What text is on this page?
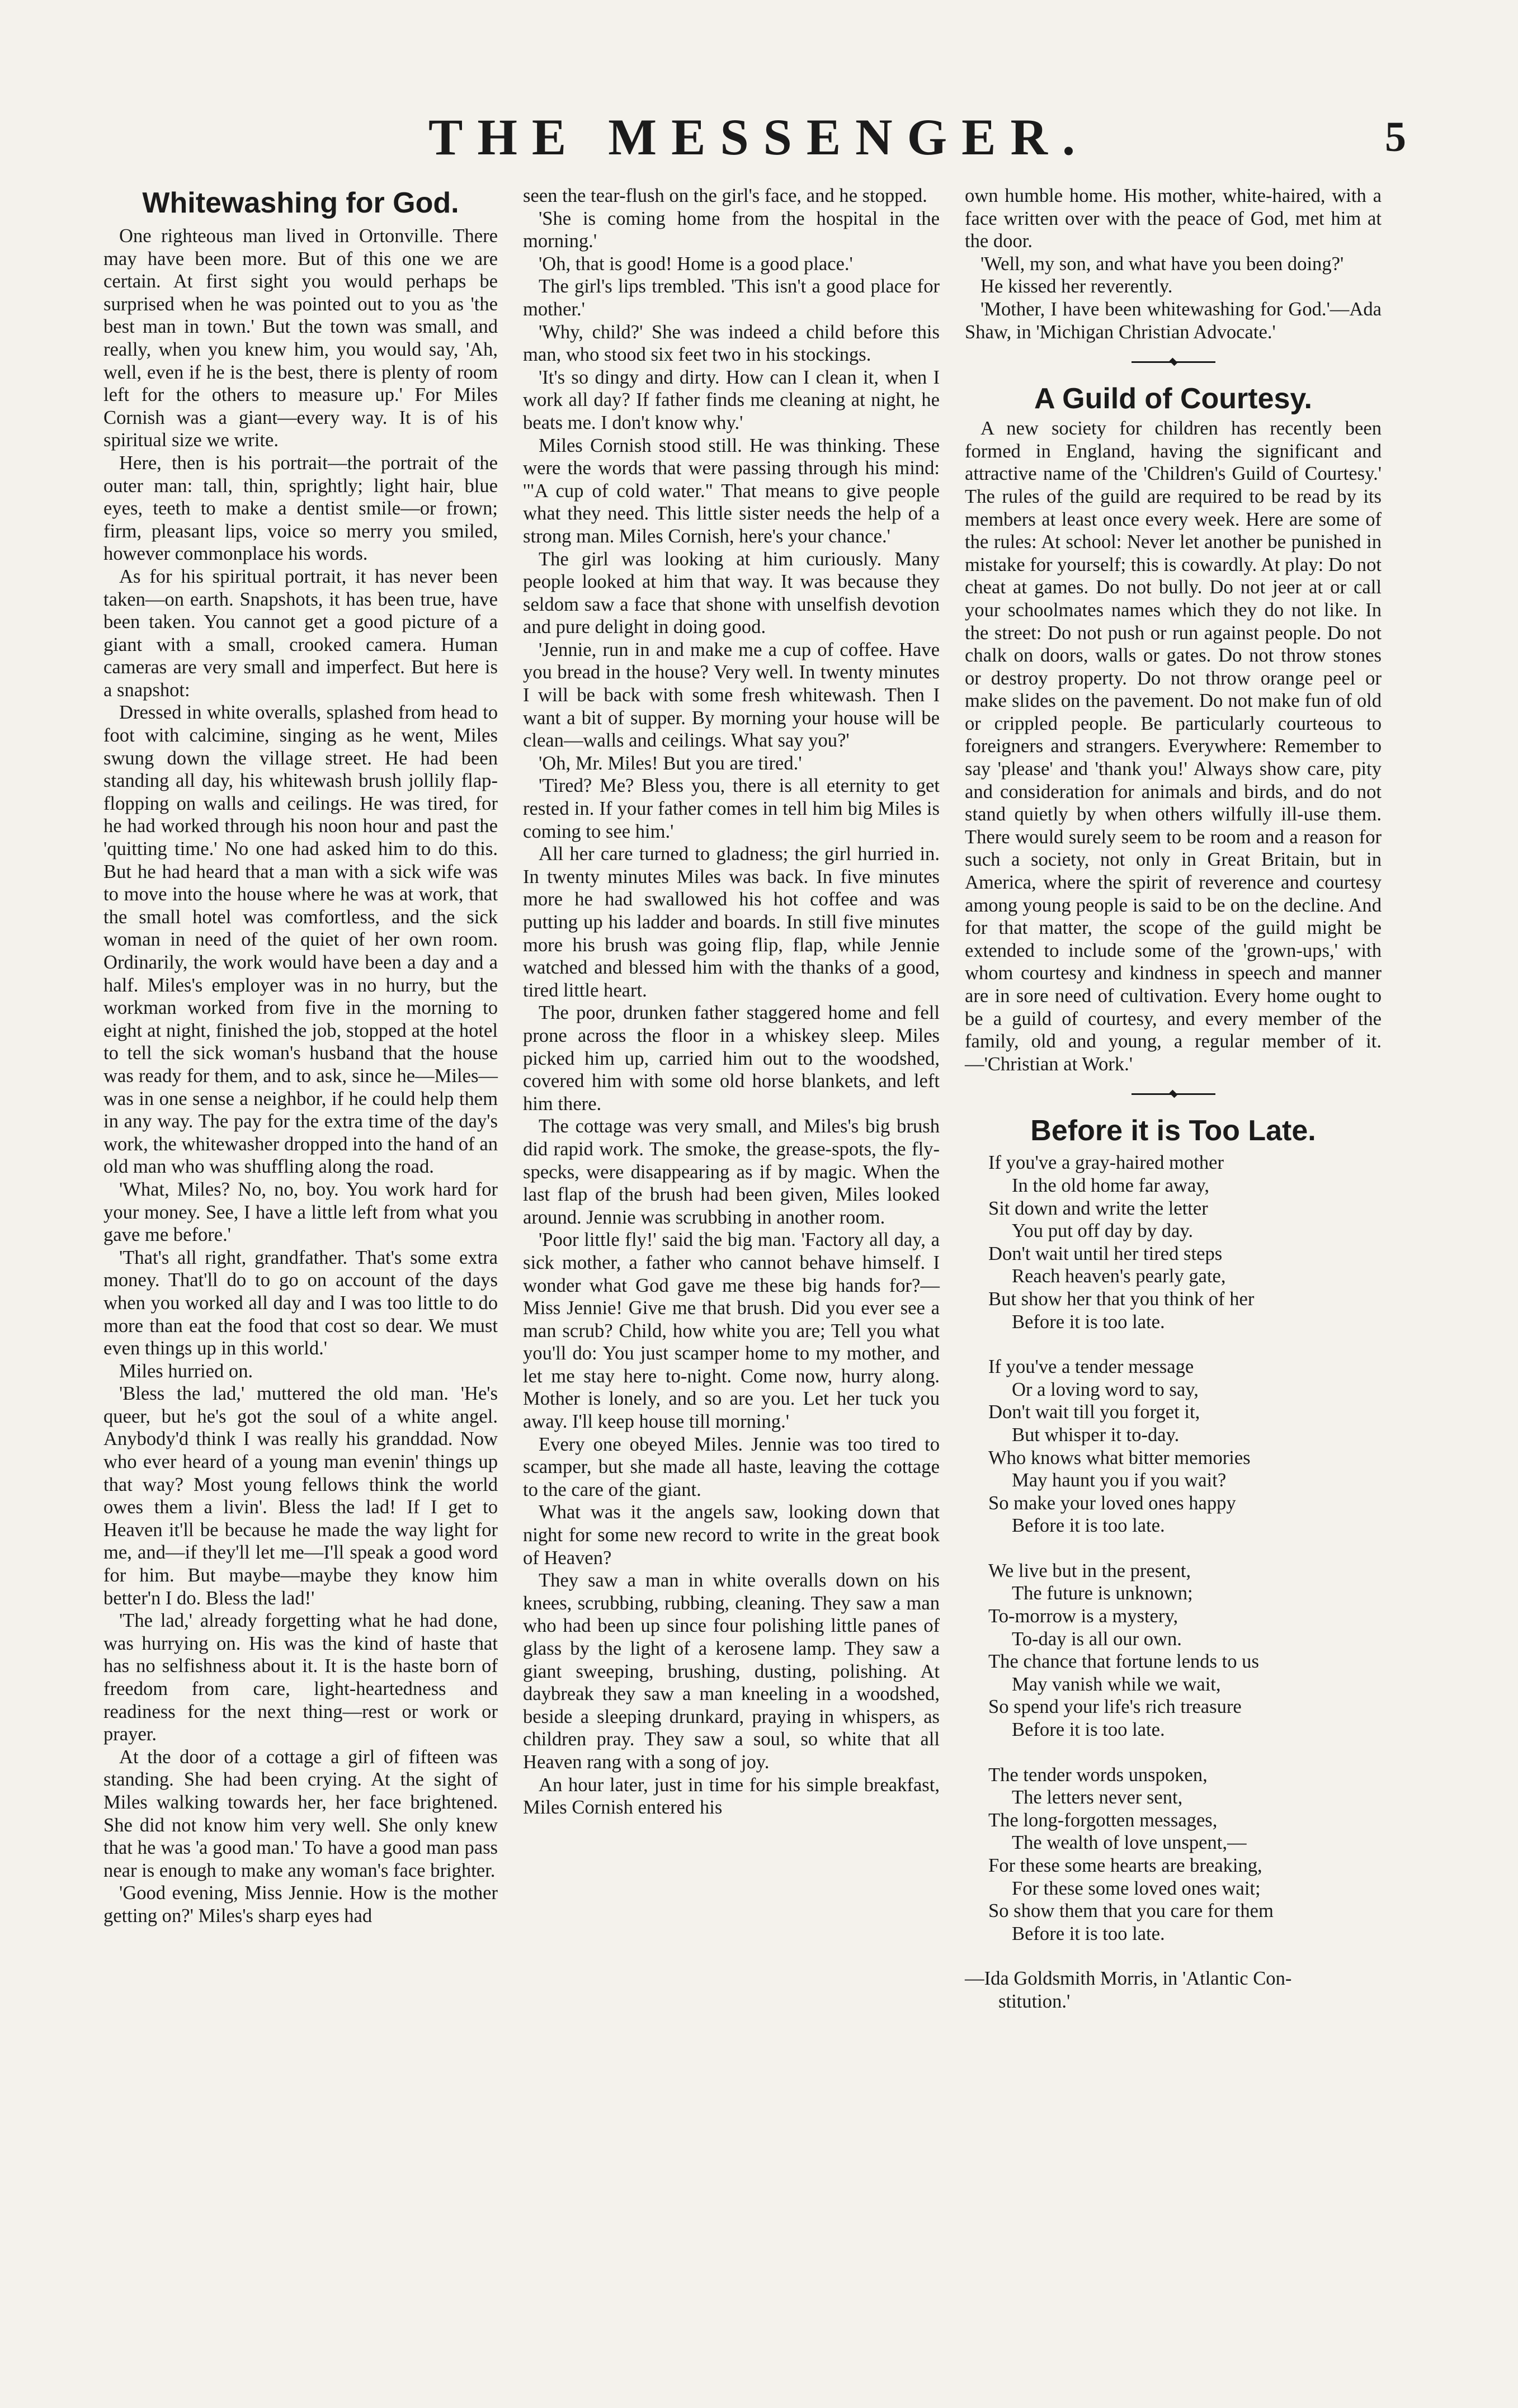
THE MESSENGER.	5
Whitewashing for God.

One righteous man lived in Ortonville. There may have been more. But of this one we are certain. At first sight you would perhaps be surprised when he was pointed out to you as 'the best man in town.' But the town was small, and really, when you knew him, you would say, 'Ah, well, even if he is the best, there is plenty of room left for the others to measure up.' For Miles Cornish was a giant—every way. It is of his spiritual size we write.

Here, then is his portrait—the portrait of the outer man: tall, thin, sprightly; light hair, blue eyes, teeth to make a dentist smile—or frown; firm, pleasant lips, voice so merry you smiled, however commonplace his words.

As for his spiritual portrait, it has never been taken—on earth. Snapshots, it has been true, have been taken. You cannot get a good picture of a giant with a small, crooked camera. Human cameras are very small and imperfect. But here is a snapshot:

Dressed in white overalls, splashed from head to foot with calcimine, singing as he went, Miles swung down the village street. He had been standing all day, his whitewash brush jollily flap-flopping on walls and ceilings. He was tired, for he had worked through his noon hour and past the 'quitting time.' No one had asked him to do this. But he had heard that a man with a sick wife was to move into the house where he was at work, that the small hotel was comfortless, and the sick woman in need of the quiet of her own room. Ordinarily, the work would have been a day and a half. Miles's employer was in no hurry, but the workman worked from five in the morning to eight at night, finished the job, stopped at the hotel to tell the sick woman's husband that the house was ready for them, and to ask, since he—Miles—was in one sense a neighbor, if he could help them in any way. The pay for the extra time of the day's work, the whitewasher dropped into the hand of an old man who was shuffling along the road.

'What, Miles? No, no, boy. You work hard for your money. See, I have a little left from what you gave me before.'

'That's all right, grandfather. That's some extra money. That'll do to go on account of the days when you worked all day and I was too little to do more than eat the food that cost so dear. We must even things up in this world.'

Miles hurried on.

'Bless the lad,' muttered the old man. 'He's queer, but he's got the soul of a white angel. Anybody'd think I was really his granddad. Now who ever heard of a young man evenin' things up that way? Most young fellows think the world owes them a livin'. Bless the lad! If I get to Heaven it'll be because he made the way light for me, and—if they'll let me—I'll speak a good word for him. But maybe—maybe they know him better'n I do. Bless the lad!'

'The lad,' already forgetting what he had done, was hurrying on. His was the kind of haste that has no selfishness about it. It is the haste born of freedom from care, light-heartedness and readiness for the next thing—rest or work or prayer.

At the door of a cottage a girl of fifteen was standing. She had been crying. At the sight of Miles walking towards her, her face brightened. She did not know him very well. She only knew that he was 'a good man.' To have a good man pass near is enough to make any woman's face brighter.

'Good evening, Miss Jennie. How is the mother getting on?' Miles's sharp eyes had

seen the tear-flush on the girl's face, and he stopped.

'She is coming home from the hospital in the morning.'

'Oh, that is good! Home is a good place.'

The girl's lips trembled. 'This isn't a good place for mother.'

'Why, child?' She was indeed a child before this man, who stood six feet two in his stockings.

'It's so dingy and dirty. How can I clean it, when I work all day? If father finds me cleaning at night, he beats me. I don't know why.'

Miles Cornish stood still. He was thinking. These were the words that were passing through his mind: '"A cup of cold water." That means to give people what they need. This little sister needs the help of a strong man. Miles Cornish, here's your chance.'

The girl was looking at him curiously. Many people looked at him that way. It was because they seldom saw a face that shone with unselfish devotion and pure delight in doing good.

'Jennie, run in and make me a cup of coffee. Have you bread in the house? Very well. In twenty minutes I will be back with some fresh whitewash. Then I want a bit of supper. By morning your house will be clean—walls and ceilings. What say you?'

'Oh, Mr. Miles! But you are tired.'

'Tired? Me? Bless you, there is all eternity to get rested in. If your father comes in tell him big Miles is coming to see him.'

All her care turned to gladness; the girl hurried in. In twenty minutes Miles was back. In five minutes more he had swallowed his hot coffee and was putting up his ladder and boards. In still five minutes more his brush was going flip, flap, while Jennie watched and blessed him with the thanks of a good, tired little heart.

The poor, drunken father staggered home and fell prone across the floor in a whiskey sleep. Miles picked him up, carried him out to the woodshed, covered him with some old horse blankets, and left him there.

The cottage was very small, and Miles's big brush did rapid work. The smoke, the grease-spots, the fly-specks, were disappearing as if by magic. When the last flap of the brush had been given, Miles looked around. Jennie was scrubbing in another room.

'Poor little fly!' said the big man. 'Factory all day, a sick mother, a father who cannot behave himself. I wonder what God gave me these big hands for?—Miss Jennie! Give me that brush. Did you ever see a man scrub? Child, how white you are; Tell you what you'll do: You just scamper home to my mother, and let me stay here to-night. Come now, hurry along. Mother is lonely, and so are you. Let her tuck you away. I'll keep house till morning.'

Every one obeyed Miles. Jennie was too tired to scamper, but she made all haste, leaving the cottage to the care of the giant.

What was it the angels saw, looking down that night for some new record to write in the great book of Heaven?

They saw a man in white overalls down on his knees, scrubbing, rubbing, cleaning. They saw a man who had been up since four polishing little panes of glass by the light of a kerosene lamp. They saw a giant sweeping, brushing, dusting, polishing. At daybreak they saw a man kneeling in a woodshed, beside a sleeping drunkard, praying in whispers, as children pray. They saw a soul, so white that all Heaven rang with a song of joy.

An hour later, just in time for his simple breakfast, Miles Cornish entered his

own humble home. His mother, white-haired, with a face written over with the peace of God, met him at the door.

'Well, my son, and what have you been doing?'

He kissed her reverently.

'Mother, I have been whitewashing for God.'—Ada Shaw, in 'Michigan Christian Advocate.'

A Guild of Courtesy.

A new society for children has recently been formed in England, having the significant and attractive name of the 'Children's Guild of Courtesy.' The rules of the guild are required to be read by its members at least once every week. Here are some of the rules: At school: Never let another be punished in mistake for yourself; this is cowardly. At play: Do not cheat at games. Do not bully. Do not jeer at or call your schoolmates names which they do not like. In the street: Do not push or run against people. Do not chalk on doors, walls or gates. Do not throw stones or destroy property. Do not throw orange peel or make slides on the pavement. Do not make fun of old or crippled people. Be particularly courteous to foreigners and strangers. Everywhere: Remember to say 'please' and 'thank you!' Always show care, pity and consideration for animals and birds, and do not stand quietly by when others wilfully ill-use them. There would surely seem to be room and a reason for such a society, not only in Great Britain, but in America, where the spirit of reverence and courtesy among young people is said to be on the decline. And for that matter, the scope of the guild might be extended to include some of the 'grown-ups,' with whom courtesy and kindness in speech and manner are in sore need of cultivation. Every home ought to be a guild of courtesy, and every member of the family, old and young, a regular member of it.—'Christian at Work.'

Before it is Too Late.
If you've a gray-haired mother
In the old home far away,
Sit down and write the letter
You put off day by day.
Don't wait until her tired steps
Reach heaven's pearly gate,
But show her that you think of her
Before it is too late.
If you've a tender message
Or a loving word to say,
Don't wait till you forget it,
But whisper it to-day.
Who knows what bitter memories
May haunt you if you wait?
So make your loved ones happy
Before it is too late.
We live but in the present,
The future is unknown;
To-morrow is a mystery,
To-day is all our own.
The chance that fortune lends to us
May vanish while we wait,
So spend your life's rich treasure
Before it is too late.
The tender words unspoken,
The letters never sent,
The long-forgotten messages,
The wealth of love unspent,—
For these some hearts are breaking,
For these some loved ones wait;
So show them that you care for them
Before it is too late.
—Ida Goldsmith Morris, in 'Atlantic Con-
stitution.'
